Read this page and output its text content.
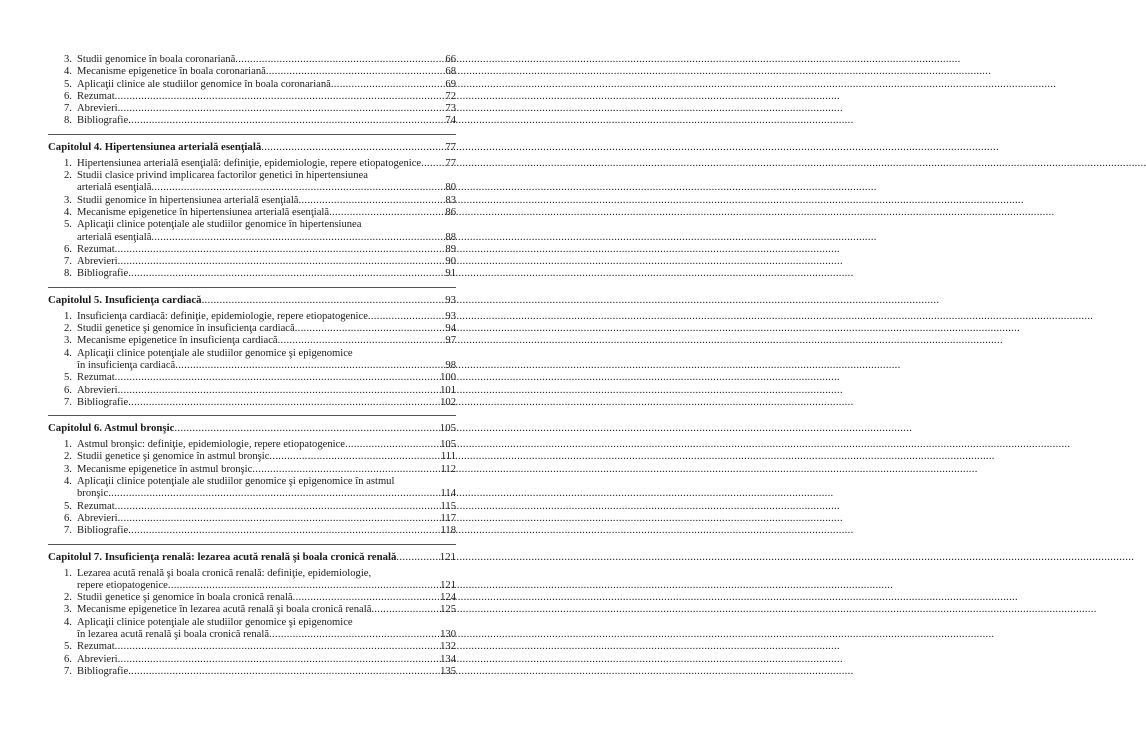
3. Studii genomice în boala coronariană .....	66
4. Mecanisme epigenetice în boala coronariană .....	68
5. Aplicaţii clinice ale studiilor genomice în boala coronariană .....	69
6. Rezumat .....	72
7. Abrevieri .....	73
8. Bibliografie .....	74
Capitolul 4. Hipertensiunea arterială esenţială .....	77
1. Hipertensiunea arterială esenţială: definiţie, epidemiologie, repere etiopatogenice ..... 77
2. Studii clasice privind implicarea factorilor genetici în hipertensiunea
arterială esenţială .....	80
3. Studii genomice în hipertensiunea arterială esenţială .....	83
4. Mecanisme epigenetice în hipertensiunea arterială esenţială .....	86
5. Aplicaţii clinice potenţiale ale studiilor genomice în hipertensiunea
arterială esenţială .....	88
6. Rezumat .....	89
7. Abrevieri .....	90
8. Bibliografie .....	91
Capitolul 5. Insuficienţa cardiacă .....	93
1. Insuficienţa cardiacă: definiţie, epidemiologie, repere etiopatogenice .....	93
2. Studii genetice şi genomice în insuficienţa cardiacă .....	94
3. Mecanisme epigenetice în insuficienţa cardiacă .....	97
4. Aplicaţii clinice potenţiale ale studiilor genomice şi epigenomice
în insuficienţa cardiacă .....	98
5. Rezumat .....	100
6. Abrevieri .....	101
7. Bibliografie .....	102
Capitolul 6. Astmul bronşic .....	105
1. Astmul bronşic: definiţie, epidemiologie, repere etiopatogenice .....	105
2. Studii genetice şi genomice în astmul bronşic .....	111
3. Mecanisme epigenetice în astmul bronşic .....	112
4. Aplicaţii clinice potenţiale ale studiilor genomice şi epigenomice în astmul
bronşic .....	114
5. Rezumat .....	115
6. Abrevieri .....	117
7. Bibliografie .....	118
Capitolul 7. Insuficienţa renală: lezarea acută renală şi boala cronică renală .....	121
1. Lezarea acută renală şi boala cronică renală: definiţie, epidemiologie,
repere etiopatogenice .....	121
2. Studii genetice şi genomice în boala cronică renală .....	124
3. Mecanisme epigenetice în lezarea acută renală şi boala cronică renală .....	125
4. Aplicaţii clinice potenţiale ale studiilor genomice şi epigenomice
în lezarea acută renală şi boala cronică renală .....	130
5. Rezumat .....	132
6. Abrevieri .....	134
7. Bibliografie .....	135
